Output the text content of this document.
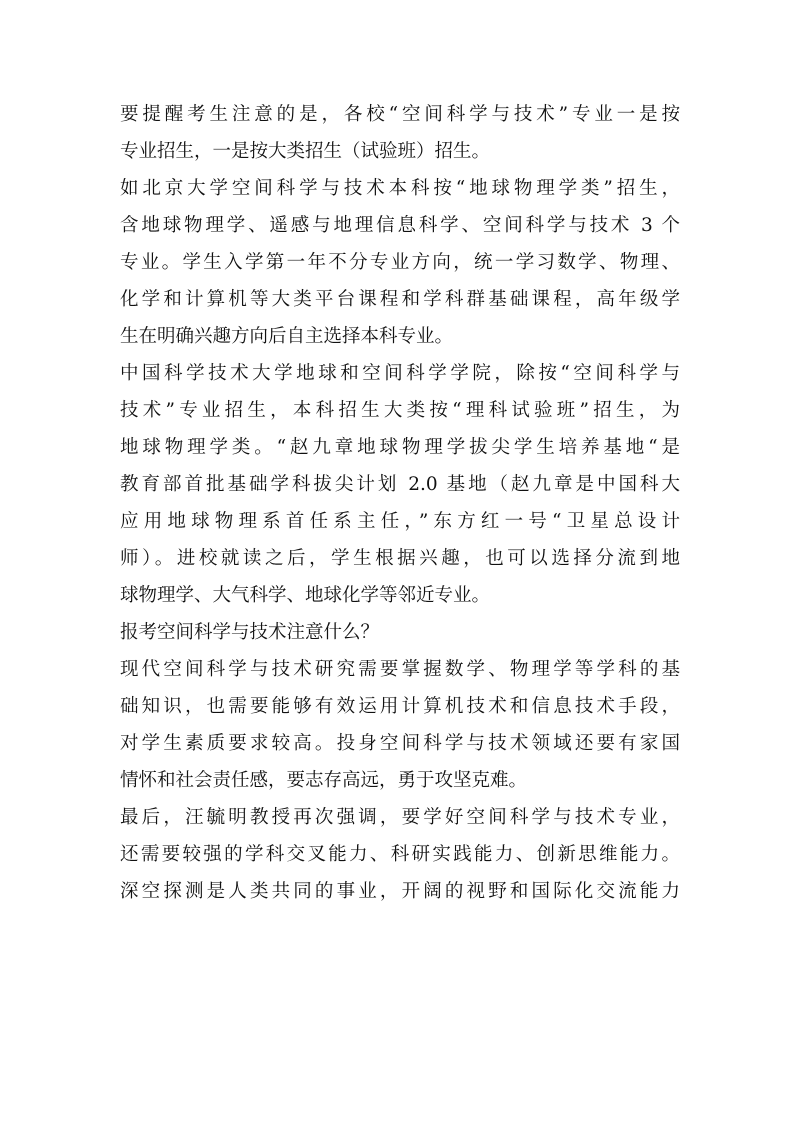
要提醒考生注意的是，各校“空间科学与技术”专业一是按
专业招生，一是按大类招生（试验班）招生。

如北京大学空间科学与技术本科按“地球物理学类”招生，
含地球物理学、遥感与地理信息科学、空间科学与技术 3 个
专业。学生入学第一年不分专业方向，统一学习数学、物理、
化学和计算机等大类平台课程和学科群基础课程，高年级学
生在明确兴趣方向后自主选择本科专业。

中国科学技术大学地球和空间科学学院，除按“空间科学与
技术”专业招生，本科招生大类按“理科试验班”招生，为
地球物理学类。“赵九章地球物理学拔尖学生培养基地“是
教育部首批基础学科拔尖计划 2.0 基地（赵九章是中国科大
应用地球物理系首任系主任，”东方红一号“卫星总设计
师）。进校就读之后，学生根据兴趣，也可以选择分流到地
球物理学、大气科学、地球化学等邻近专业。

报考空间科学与技术注意什么？

现代空间科学与技术研究需要掌握数学、物理学等学科的基
础知识，也需要能够有效运用计算机技术和信息技术手段，
对学生素质要求较高。投身空间科学与技术领域还要有家国
情怀和社会责任感，要志存高远，勇于攻坚克难。

最后，汪毓明教授再次强调，要学好空间科学与技术专业，
还需要较强的学科交叉能力、科研实践能力、创新思维能力。
深空探测是人类共同的事业，开阔的视野和国际化交流能力
